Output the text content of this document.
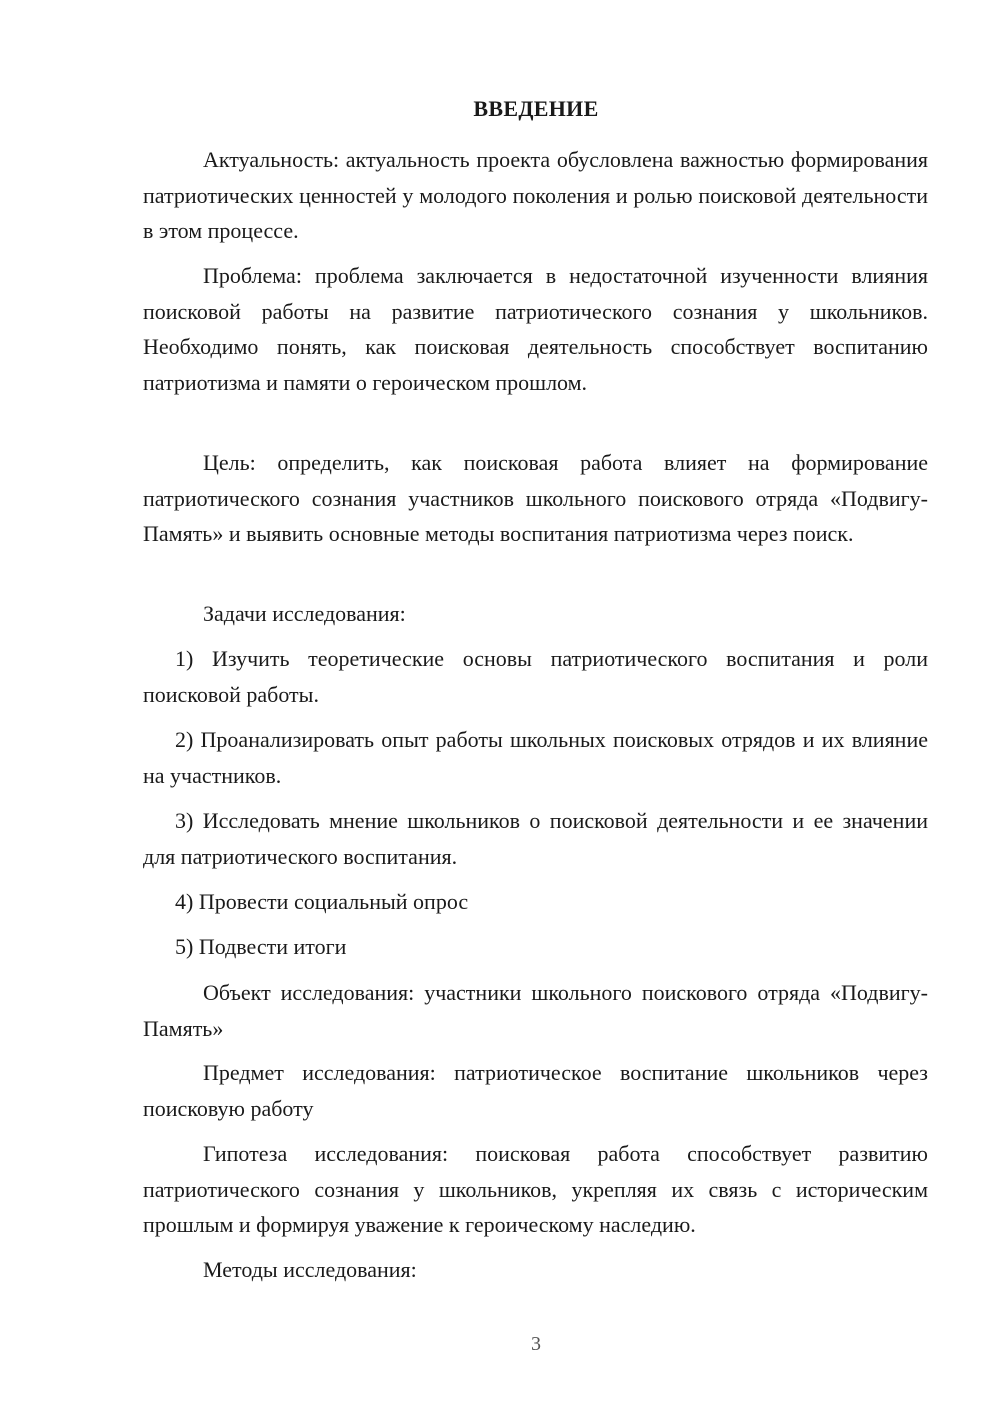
ВВЕДЕНИЕ

Актуальность: актуальность проекта обусловлена важностью формирования патриотических ценностей у молодого поколения и ролью поисковой деятельности в этом процессе.

Проблема: проблема заключается в недостаточной изученности влияния поисковой работы на развитие патриотического сознания у школьников. Необходимо понять, как поисковая деятельность способствует воспитанию патриотизма и памяти о героическом прошлом.

Цель: определить, как поисковая работа влияет на формирование патриотического сознания участников школьного поискового отряда «Подвигу-Память» и выявить основные методы воспитания патриотизма через поиск.

Задачи исследования:

1) Изучить теоретические основы патриотического воспитания и роли поисковой работы.

2) Проанализировать опыт работы школьных поисковых отрядов и их влияние на участников.

3) Исследовать мнение школьников о поисковой деятельности и ее значении для патриотического воспитания.

4) Провести социальный опрос

5) Подвести итоги

Объект исследования: участники школьного поискового отряда «Подвигу-Память»

Предмет исследования: патриотическое воспитание школьников через поисковую работу

Гипотеза исследования: поисковая работа способствует развитию патриотического сознания у школьников, укрепляя их связь с историческим прошлым и формируя уважение к героическому наследию.

Методы исследования:

3
